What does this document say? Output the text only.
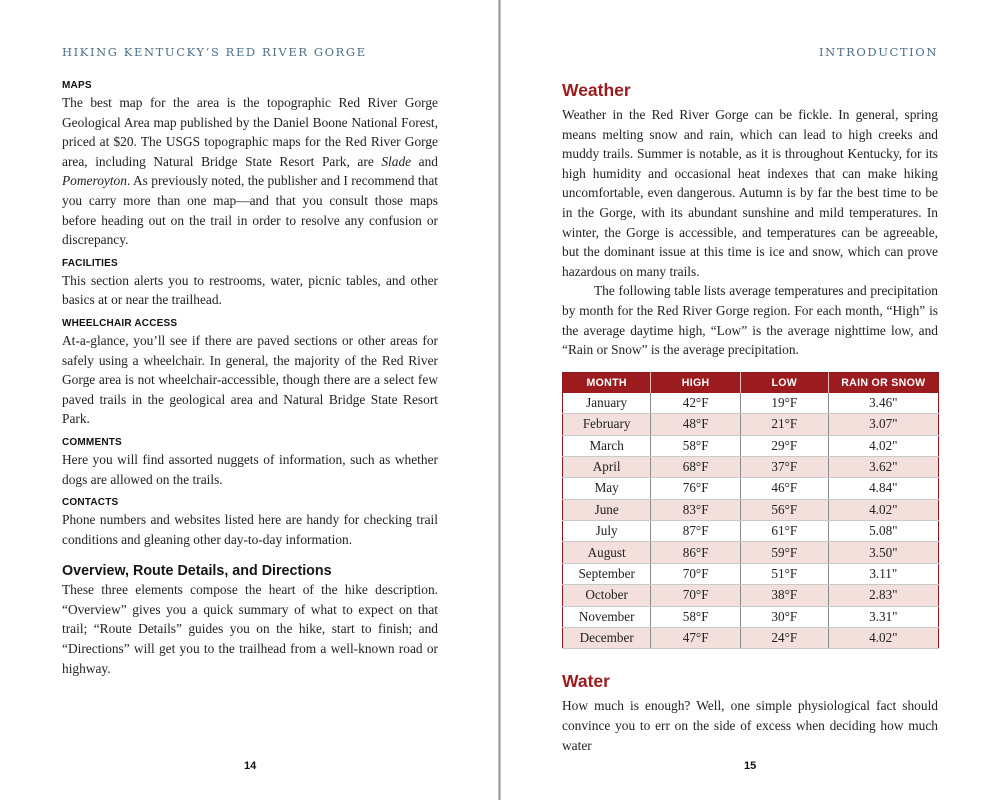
HIKING KENTUCKY’S RED RIVER GORGE
MAPS

The best map for the area is the topographic Red River Gorge Geological Area map published by the Daniel Boone National Forest, priced at $20. The USGS topographic maps for the Red River Gorge area, including Natural Bridge State Resort Park, are Slade and Pomeroyton. As previously noted, the publisher and I recommend that you carry more than one map—and that you consult those maps before heading out on the trail in order to resolve any confusion or discrepancy.

FACILITIES

This section alerts you to restrooms, water, picnic tables, and other basics at or near the trailhead.

WHEELCHAIR ACCESS

At-a-glance, you’ll see if there are paved sections or other areas for safely using a wheelchair. In general, the majority of the Red River Gorge area is not wheelchair-accessible, though there are a select few paved trails in the geological area and Natural Bridge State Resort Park.

COMMENTS

Here you will find assorted nuggets of information, such as whether dogs are allowed on the trails.

CONTACTS

Phone numbers and websites listed here are handy for checking trail conditions and gleaning other day-to-day information.

Overview, Route Details, and Directions

These three elements compose the heart of the hike description. “Overview” gives you a quick summary of what to expect on that trail; “Route Details” guides you on the hike, start to finish; and “Directions” will get you to the trailhead from a well-known road or highway.

14
INTRODUCTION
Weather

Weather in the Red River Gorge can be fickle. In general, spring means melting snow and rain, which can lead to high creeks and muddy trails. Summer is notable, as it is throughout Kentucky, for its high humidity and occasional heat indexes that can make hiking uncomfortable, even dangerous. Autumn is by far the best time to be in the Gorge, with its abundant sunshine and mild temperatures. In winter, the Gorge is accessible, and temperatures can be agreeable, but the dominant issue at this time is ice and snow, which can prove hazardous on many trails.

The following table lists average temperatures and precipitation by month for the Red River Gorge region. For each month, “High” is the average daytime high, “Low” is the average nighttime low, and “Rain or Snow” is the average precipitation.

MONTH	HIGH	LOW	RAIN OR SNOW
January	42°F	19°F	3.46"
February	48°F	21°F	3.07"
March	58°F	29°F	4.02"
April	68°F	37°F	3.62"
May	76°F	46°F	4.84"
June	83°F	56°F	4.02"
July	87°F	61°F	5.08"
August	86°F	59°F	3.50"
September	70°F	51°F	3.11"
October	70°F	38°F	2.83"
November	58°F	30°F	3.31"
December	47°F	24°F	4.02"
Water

How much is enough? Well, one simple physiological fact should convince you to err on the side of excess when deciding how much water

15
